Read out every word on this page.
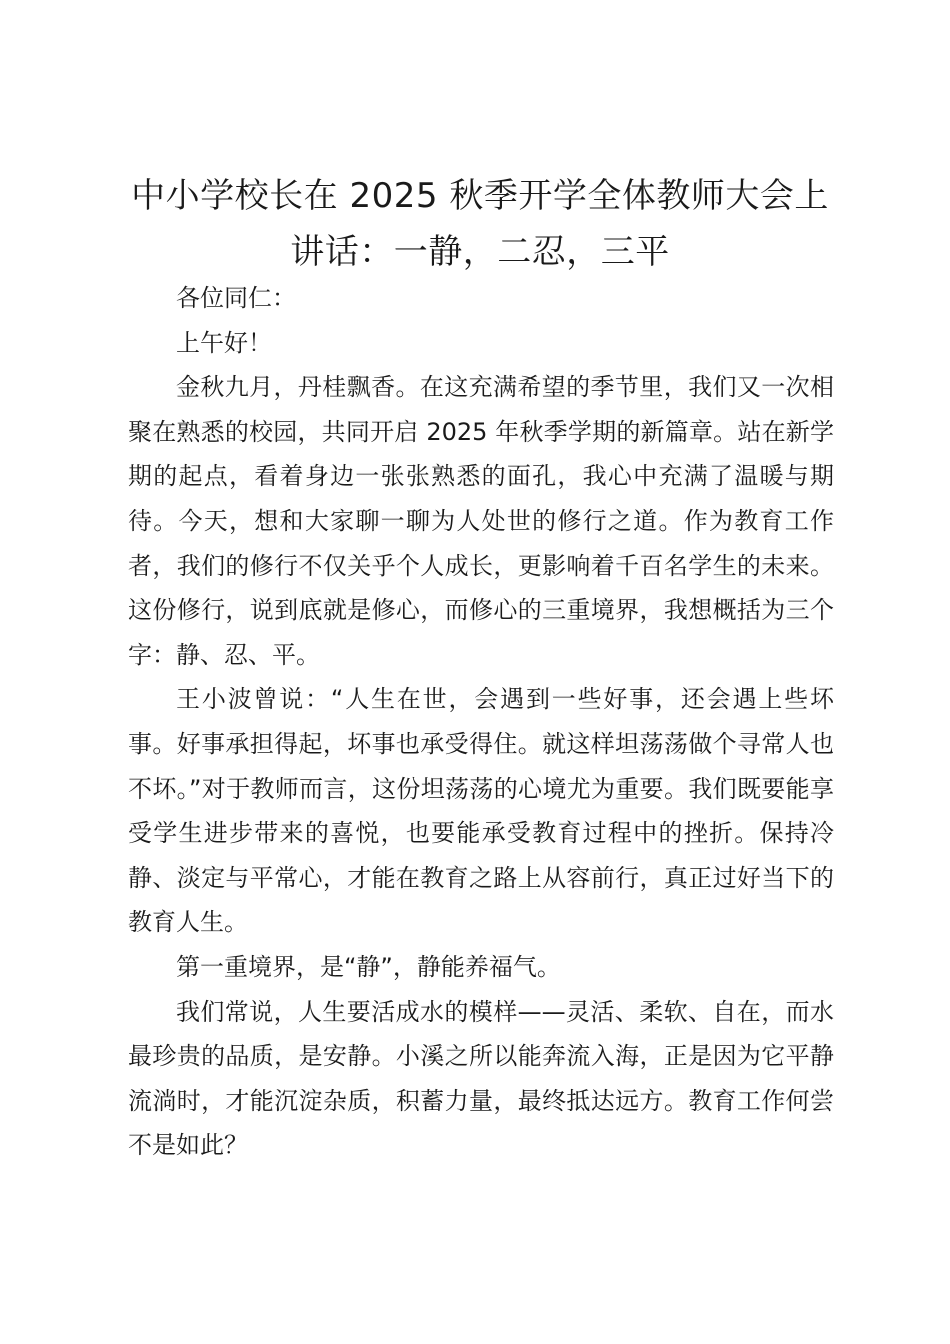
中小学校长在 2025 秋季开学全体教师大会上
讲话：一静，二忍，三平

各位同仁：

上午好！

金秋九月，丹桂飘香。在这充满希望的季节里，我们又一次相聚在熟悉的校园，共同开启 2025 年秋季学期的新篇章。站在新学期的起点，看着身边一张张熟悉的面孔，我心中充满了温暖与期待。今天，想和大家聊一聊为人处世的修行之道。作为教育工作者，我们的修行不仅关乎个人成长，更影响着千百名学生的未来。这份修行，说到底就是修心，而修心的三重境界，我想概括为三个字：静、忍、平。

王小波曾说：“人生在世，会遇到一些好事，还会遇上些坏事。好事承担得起，坏事也承受得住。就这样坦荡荡做个寻常人也不坏。”对于教师而言，这份坦荡荡的心境尤为重要。我们既要能享受学生进步带来的喜悦，也要能承受教育过程中的挫折。保持冷静、淡定与平常心，才能在教育之路上从容前行，真正过好当下的教育人生。

第一重境界，是“静”，静能养福气。

我们常说，人生要活成水的模样——灵活、柔软、自在，而水最珍贵的品质，是安静。小溪之所以能奔流入海，正是因为它平静流淌时，才能沉淀杂质，积蓄力量，最终抵达远方。教育工作何尝不是如此？
